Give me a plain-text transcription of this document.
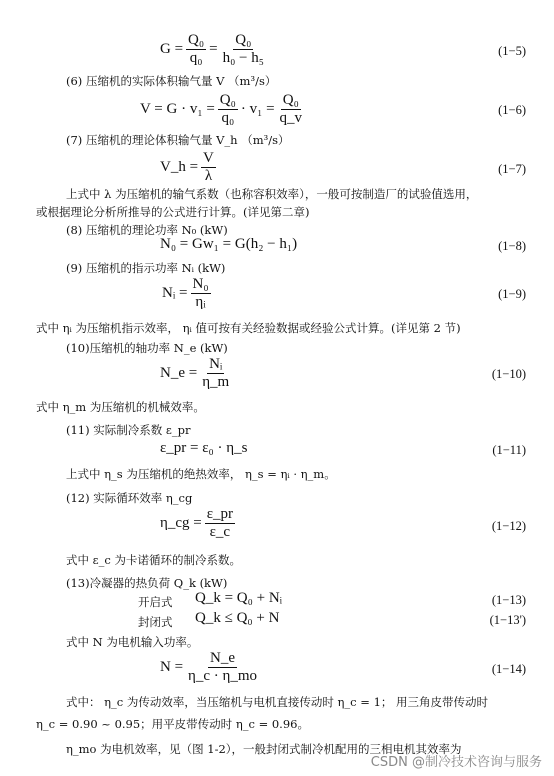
$G = \frac{\text{Q₀}}{\text{q₀}} = \frac{\text{Q₀}}{\text{h₀ − h₅}}$	(1−5)
(6) 压缩机的实际体积输气量 V （m³/s）
$V = G \cdot v_1 = \frac{\text{Q₀}}{\text{q₀}} \cdot v_1 = \frac{\text{Q₀}}{q\_v}$	(1−6)
(7) 压缩机的理论体积输气量 V_h （m³/s）
V_h = $\frac{V}{\lambda}$	(1−7)
上式中 λ 为压缩机的输气系数（也称容积效率），一般可按制造厂的试验值选用，
或根据理论分析所推导的公式进行计算。(详见第二章)
(8) 压缩机的理论功率 N₀ (kW)
N₀ = Gw₁ = G(h₂ − h₁)	(1−8)
(9) 压缩机的指示功率 Nᵢ (kW)
Nᵢ = $\frac{\text{N₀}}{\text{ηᵢ}}$	(1−9)
式中 ηᵢ 为压缩机指示效率， ηᵢ 值可按有关经验数据或经验公式计算。(详见第 2 节)
(10)压缩机的轴功率 N_e (kW)
N_e = $\frac{\text{Nᵢ}}{\eta\_m}$	(1−10)
式中 η_m 为压缩机的机械效率。
(11) 实际制冷系数 ε_pr
ε_pr = ε₀ · η_s	(1−11)
上式中 η_s 为压缩机的绝热效率， η_s = ηᵢ · η_m。
(12) 实际循环效率 η_cg
η_cg = $\frac{\varepsilon\_pr}{\varepsilon\_c}$	(1−12)
式中 ε_c 为卡诺循环的制冷系数。
(13)冷凝器的热负荷 Q_k (kW)
开启式 Q_k = Q₀ + Nᵢ	(1−13)
封闭式 Q_k ≤ Q₀ + N	(1−13')
式中 N 为电机输入功率。
$N = \frac{N\_e}{\eta\_c \cdot \eta\_mo}$	(1−14)
式中： η_c 为传动效率，当压缩机与电机直接传动时 η_c = 1； 用三角皮带传动时
η_c = 0.90 ~ 0.95；用平皮带传动时 η_c = 0.96。
η_mo 为电机效率，见（图 1-2），一般封闭式制冷机配用的三相电机其效率为
CSDN @制冷技术咨询与服务
